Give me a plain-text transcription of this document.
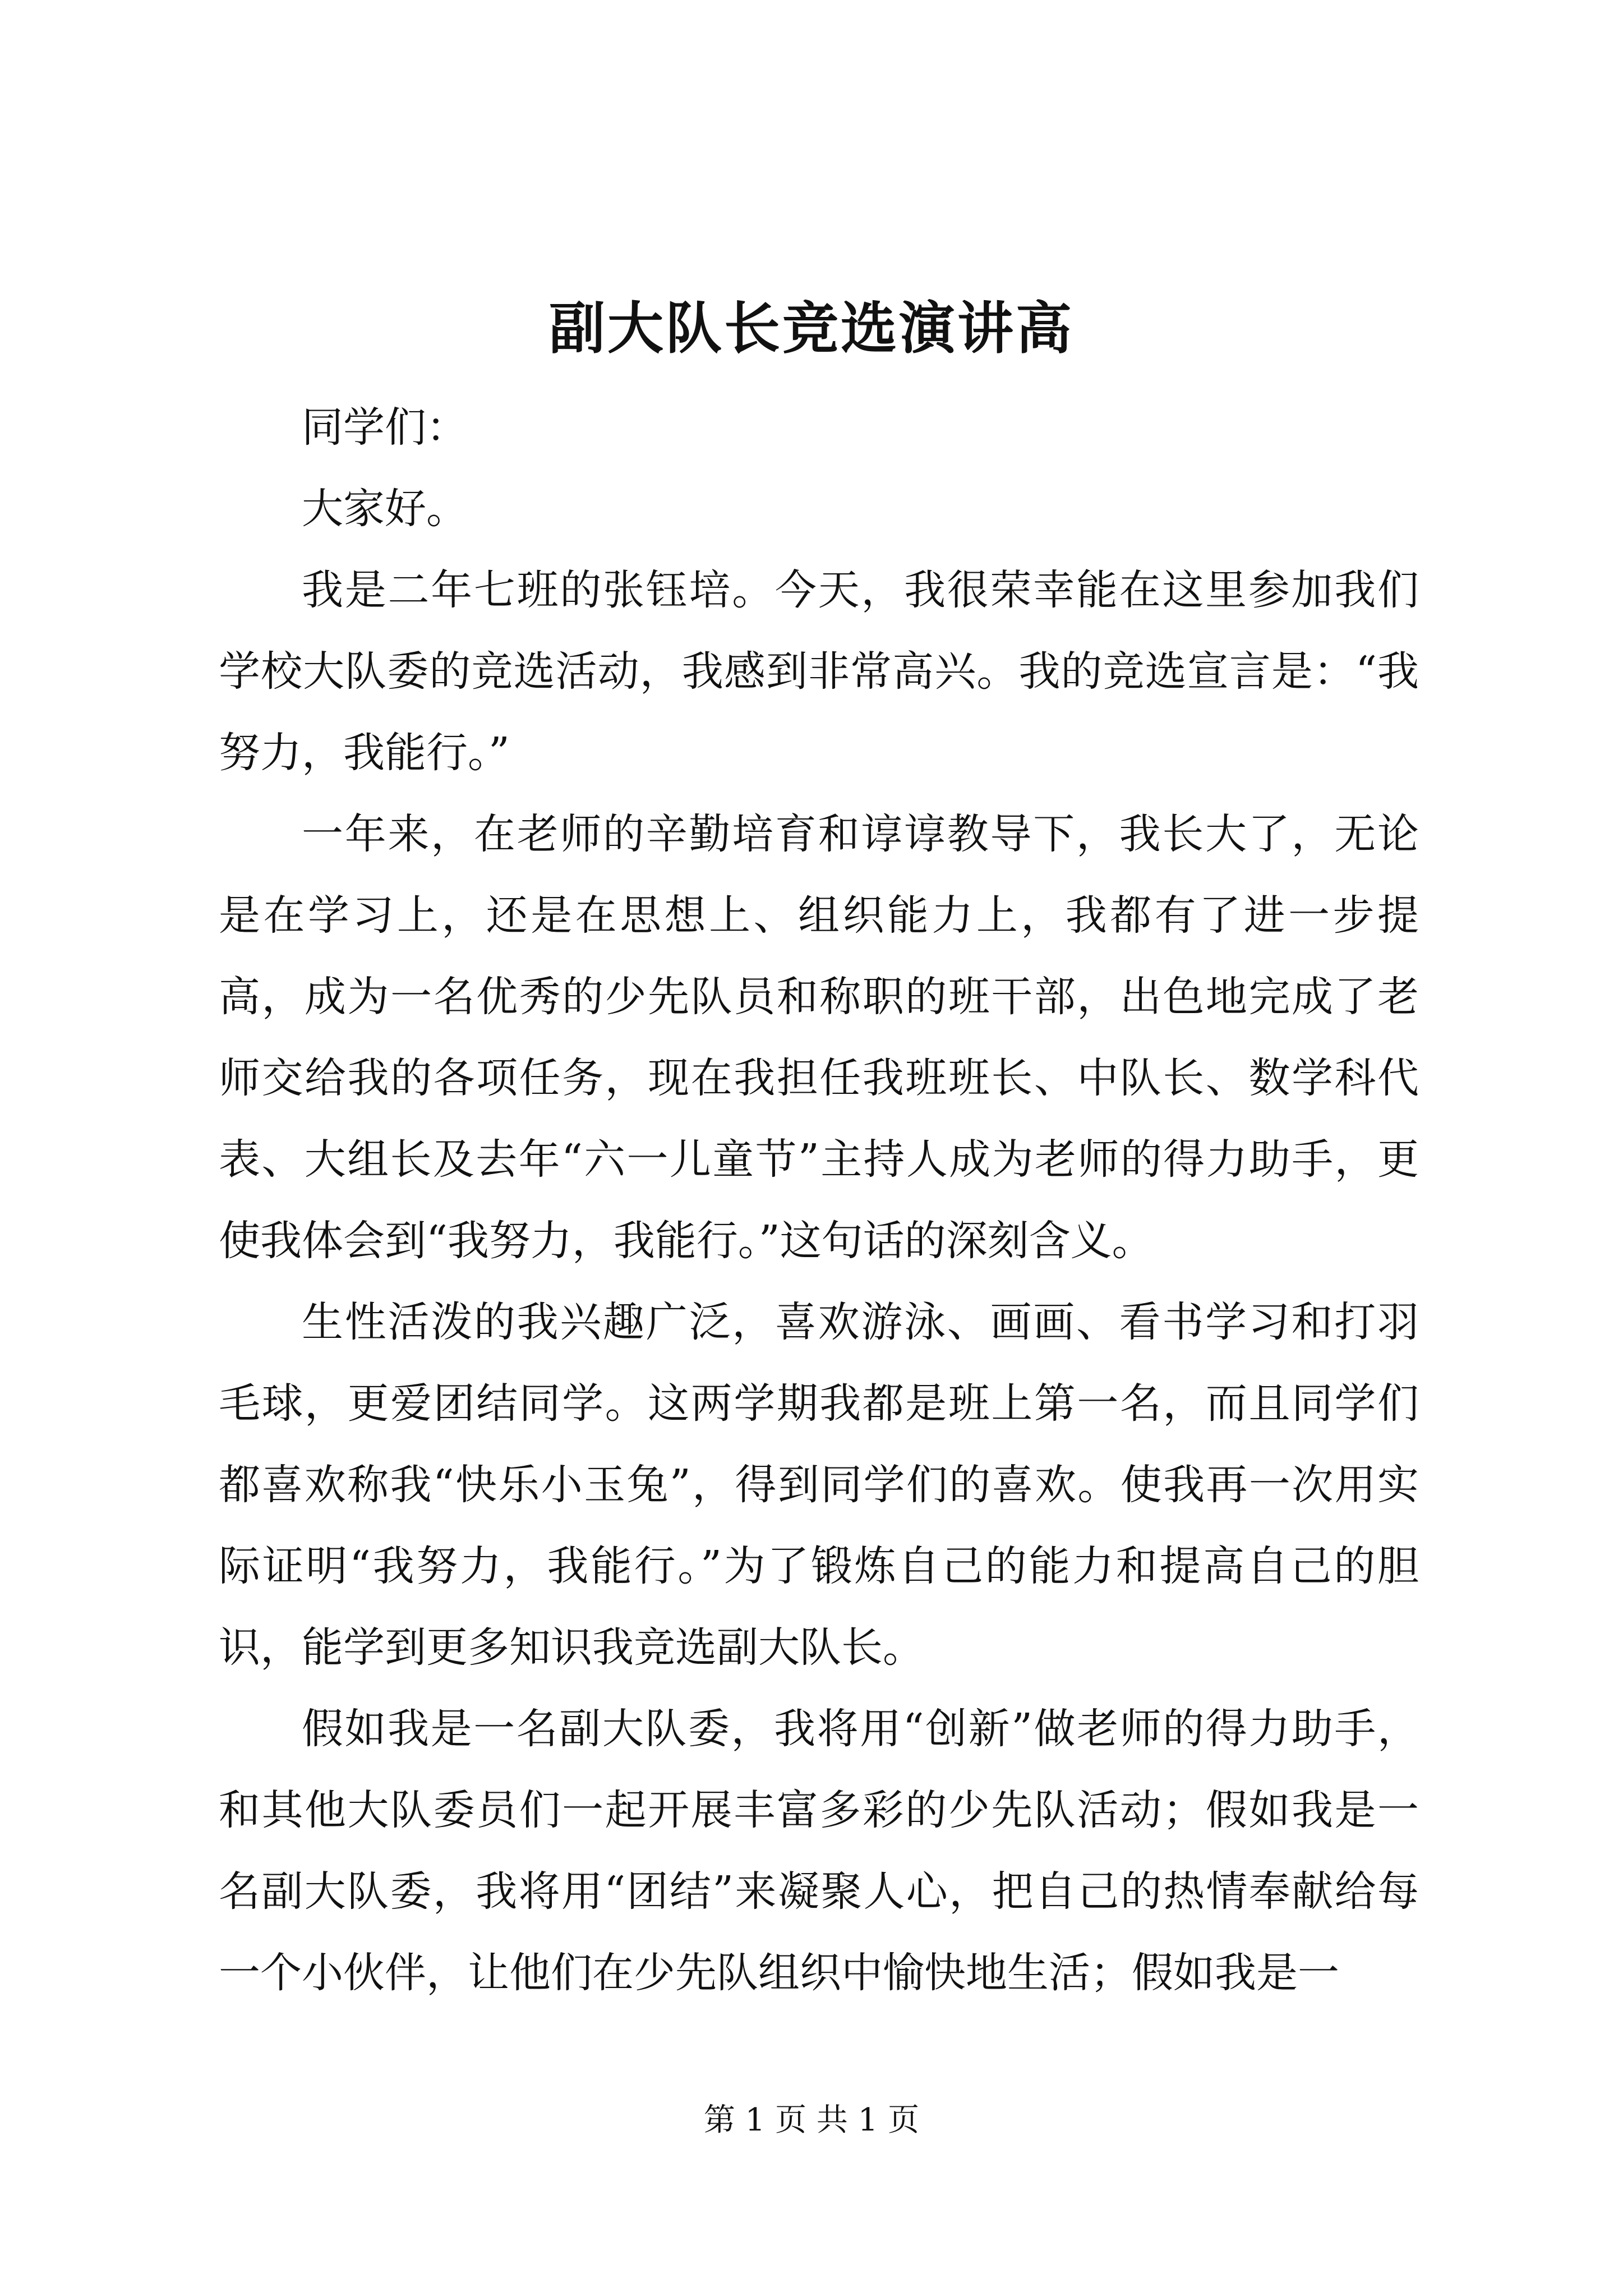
副大队长竞选演讲高

同学们：

大家好。

我是二年七班的张钰培。今天，我很荣幸能在这里参加我们学校大队委的竞选活动，我感到非常高兴。我的竞选宣言是：“我努力，我能行。”

一年来，在老师的辛勤培育和谆谆教导下，我长大了，无论是在学习上，还是在思想上、组织能力上，我都有了进一步提高，成为一名优秀的少先队员和称职的班干部，出色地完成了老师交给我的各项任务，现在我担任我班班长、中队长、数学科代表、大组长及去年“六一儿童节”主持人成为老师的得力助手，更使我体会到“我努力，我能行。”这句话的深刻含义。

生性活泼的我兴趣广泛，喜欢游泳、画画、看书学习和打羽毛球，更爱团结同学。这两学期我都是班上第一名，而且同学们都喜欢称我“快乐小玉兔”，得到同学们的喜欢。使我再一次用实际证明“我努力，我能行。”为了锻炼自己的能力和提高自己的胆识，能学到更多知识我竞选副大队长。

假如我是一名副大队委，我将用“创新”做老师的得力助手，和其他大队委员们一起开展丰富多彩的少先队活动；假如我是一名副大队委，我将用“团结”来凝聚人心，把自己的热情奉献给每一个小伙伴，让他们在少先队组织中愉快地生活；假如我是一

第 1 页 共 1 页
